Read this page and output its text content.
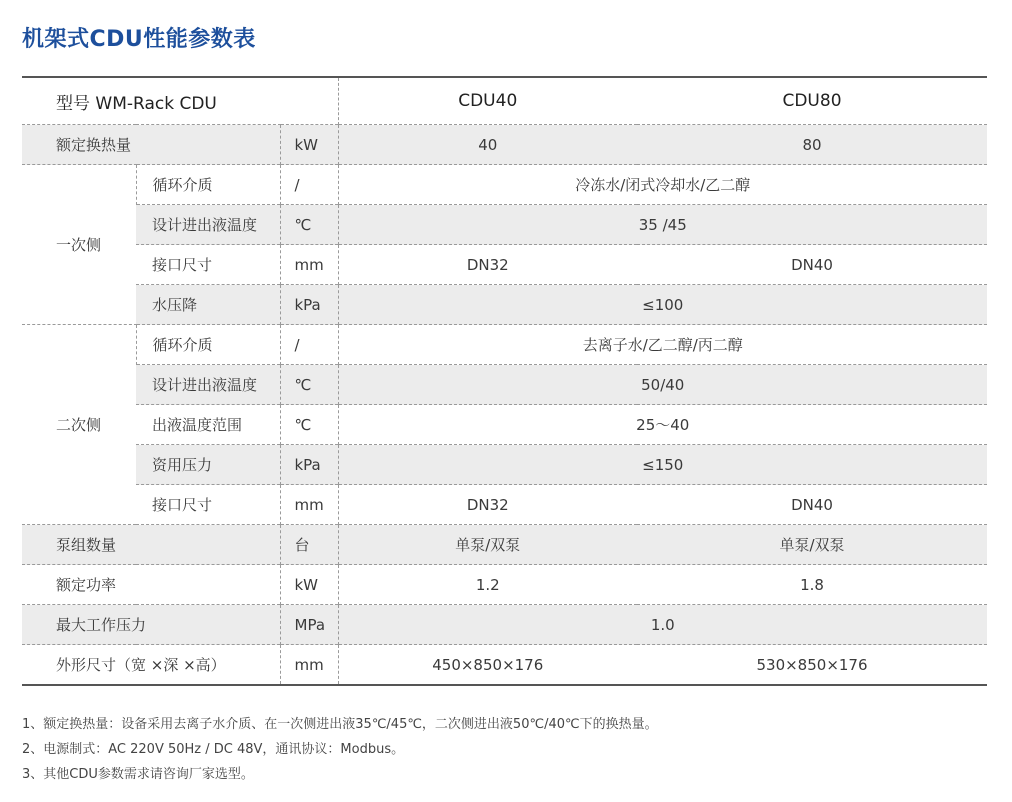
机架式CDU性能参数表
型号 WM-Rack CDU			CDU40	CDU80
额定换热量		kW	40	80
一次侧	循环介质	/	冷冻水/闭式冷却水/乙二醇	
	设计进出液温度	℃	35 /45	
	接口尺寸	mm	DN32	DN40
	水压降	kPa	≤100	
二次侧	循环介质	/	去离子水/乙二醇/丙二醇	
	设计进出液温度	℃	50/40	
	出液温度范围	℃	25～40	
	资用压力	kPa	≤150	
	接口尺寸	mm	DN32	DN40
泵组数量		台	单泵/双泵	单泵/双泵
额定功率		kW	1.2	1.8
最大工作压力		MPa	1.0	
外形尺寸（宽 ×深 ×高）		mm	450×850×176	530×850×176
1、额定换热量：设备采用去离子水介质、在一次侧进出液35℃/45℃，二次侧进出液50℃/40℃下的换热量。
2、电源制式：AC 220V 50Hz / DC 48V，通讯协议：Modbus。
3、其他CDU参数需求请咨询厂家选型。
